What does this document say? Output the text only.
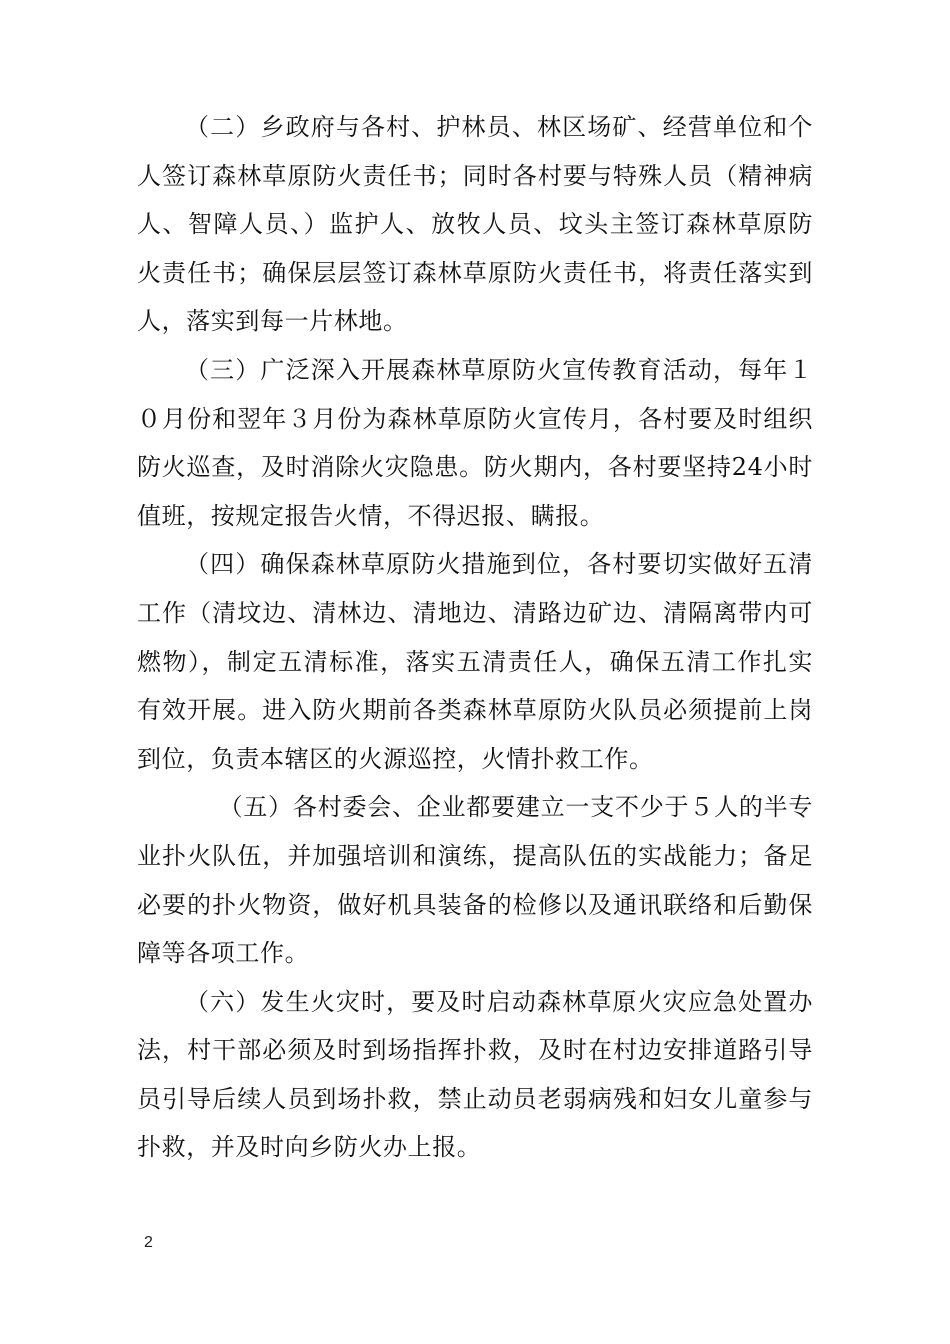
（二）乡政府与各村、护林员、林区场矿、经营单位和个人签订森林草原防火责任书；同时各村要与特殊人员（精神病人、智障人员、）监护人、放牧人员、坟头主签订森林草原防火责任书；确保层层签订森林草原防火责任书，将责任落实到人，落实到每一片林地。

（三）广泛深入开展森林草原防火宣传教育活动，每年１０月份和翌年３月份为森林草原防火宣传月，各村要及时组织防火巡查，及时消除火灾隐患。防火期内，各村要坚持24小时值班，按规定报告火情，不得迟报、瞒报。

（四）确保森林草原防火措施到位，各村要切实做好五清工作（清坟边、清林边、清地边、清路边矿边、清隔离带内可燃物），制定五清标准，落实五清责任人，确保五清工作扎实有效开展。进入防火期前各类森林草原防火队员必须提前上岗到位，负责本辖区的火源巡控，火情扑救工作。

（五）各村委会、企业都要建立一支不少于５人的半专业扑火队伍，并加强培训和演练，提高队伍的实战能力；备足必要的扑火物资，做好机具装备的检修以及通讯联络和后勤保障等各项工作。

（六）发生火灾时，要及时启动森林草原火灾应急处置办法，村干部必须及时到场指挥扑救，及时在村边安排道路引导员引导后续人员到场扑救，禁止动员老弱病残和妇女儿童参与扑救，并及时向乡防火办上报。

2
